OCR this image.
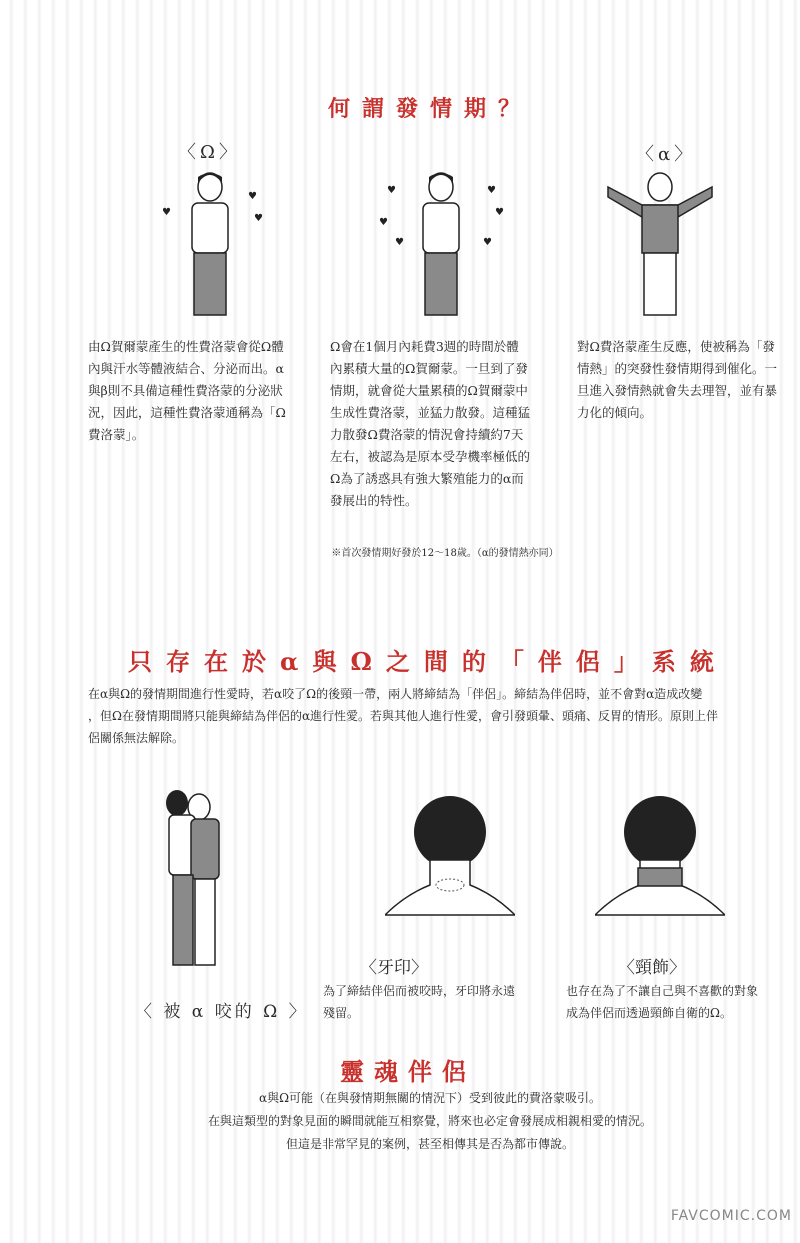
何謂發情期？
〈Ω〉	〈α〉
♥
♥
♥
♥	♥
♥
♥
♥	♥
由Ω賀爾蒙產生的性費洛蒙會從Ω體
內與汗水等體液結合、分泌而出。α
與β則不具備這種性費洛蒙的分泌狀
況，因此，這種性費洛蒙通稱為「Ω
費洛蒙」。
Ω會在1個月內耗費3週的時間於體
內累積大量的Ω賀爾蒙。一旦到了發
情期，就會從大量累積的Ω賀爾蒙中
生成性費洛蒙，並猛力散發。這種猛
力散發Ω費洛蒙的情況會持續約7天
左右，被認為是原本受孕機率極低的
Ω為了誘惑具有強大繁殖能力的α而
發展出的特性。
對Ω費洛蒙產生反應，使被稱為「發
情熱」的突發性發情期得到催化。一
旦進入發情熱就會失去理智，並有暴
力化的傾向。
※首次發情期好發於12～18歲。（α的發情熱亦同）
只存在於α與Ω之間的「伴侶」系統
在α與Ω的發情期間進行性愛時，若α咬了Ω的後頸一帶，兩人將締結為「伴侶」。締結為伴侶時，並不會對α造成改變
，但Ω在發情期間將只能與締結為伴侶的α進行性愛。若與其他人進行性愛，會引發頭暈、頭痛、反胃的情形。原則上伴
侶關係無法解除。
〈 被 α 咬的 Ω 〉
〈牙印〉
為了締結伴侶而被咬時，牙印將永遠
殘留。
〈頸飾〉
也存在為了不讓自己與不喜歡的對象
成為伴侶而透過頸飾自衛的Ω。
靈魂伴侶
α與Ω可能（在與發情期無關的情況下）受到彼此的費洛蒙吸引。
在與這類型的對象見面的瞬間就能互相察覺，將來也必定會發展成相親相愛的情況。
但這是非常罕見的案例，甚至相傳其是否為都市傳說。
FAVCOMIC.COM
